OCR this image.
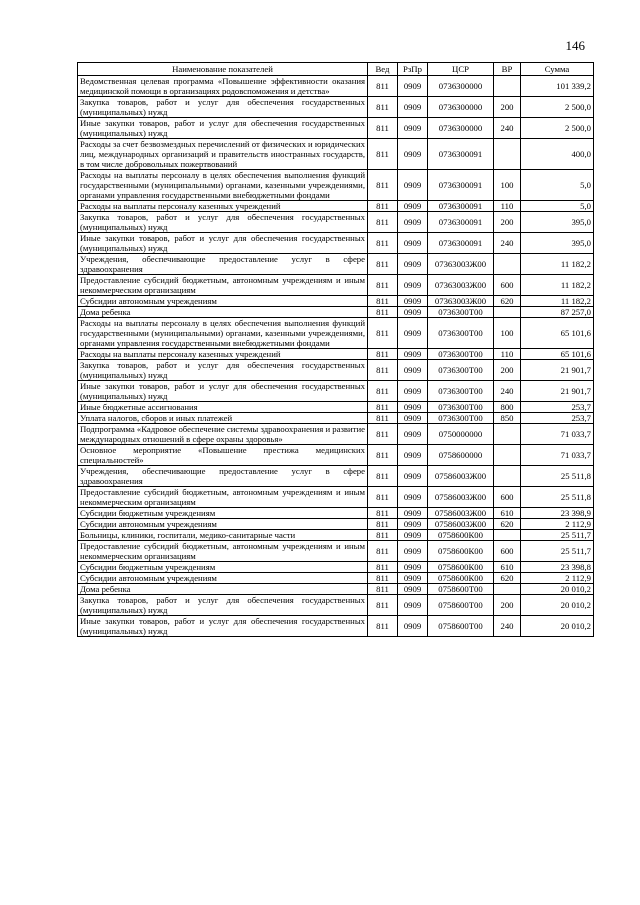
146
Наименование показателей	Вед	РзПр	ЦСР	ВР	Сумма
Ведомственная целевая программа «Повышение эффективности оказания медицинской помощи в организациях родовспоможения и детства»	811	0909	0736300000		101 339,2
Закупка товаров, работ и услуг для обеспечения государственных (муниципальных) нужд	811	0909	0736300000	200	2 500,0
Иные закупки товаров, работ и услуг для обеспечения государственных (муниципальных) нужд	811	0909	0736300000	240	2 500,0
Расходы за счет безвозмездных перечислений от физических и юридических лиц, международных организаций и правительств иностранных государств, в том числе добровольных пожертвований	811	0909	0736300091		400,0
Расходы на выплаты персоналу в целях обеспечения выполнения функций государственными (муниципальными) органами, казенными учреждениями, органами управления государственными внебюджетными фондами	811	0909	0736300091	100	5,0
Расходы на выплаты персоналу казенных учреждений	811	0909	0736300091	110	5,0
Закупка товаров, работ и услуг для обеспечения государственных (муниципальных) нужд	811	0909	0736300091	200	395,0
Иные закупки товаров, работ и услуг для обеспечения государственных (муниципальных) нужд	811	0909	0736300091	240	395,0
Учреждения, обеспечивающие предоставление услуг в сфере здравоохранения	811	0909	07363003Ж00		11 182,2
Предоставление субсидий бюджетным, автономным учреждениям и иным некоммерческим организациям	811	0909	07363003Ж00	600	11 182,2
Субсидии автономным учреждениям	811	0909	07363003Ж00	620	11 182,2
Дома ребенка	811	0909	0736300Т00		87 257,0
Расходы на выплаты персоналу в целях обеспечения выполнения функций государственными (муниципальными) органами, казенными учреждениями, органами управления государственными внебюджетными фондами	811	0909	0736300Т00	100	65 101,6
Расходы на выплаты персоналу казенных учреждений	811	0909	0736300Т00	110	65 101,6
Закупка товаров, работ и услуг для обеспечения государственных (муниципальных) нужд	811	0909	0736300Т00	200	21 901,7
Иные закупки товаров, работ и услуг для обеспечения государственных (муниципальных) нужд	811	0909	0736300Т00	240	21 901,7
Иные бюджетные ассигнования	811	0909	0736300Т00	800	253,7
Уплата налогов, сборов и иных платежей	811	0909	0736300Т00	850	253,7
Подпрограмма «Кадровое обеспечение системы здравоохранения и развитие международных отношений в сфере охраны здоровья»	811	0909	0750000000		71 033,7
Основное мероприятие «Повышение престижа медицинских специальностей»	811	0909	0758600000		71 033,7
Учреждения, обеспечивающие предоставление услуг в сфере здравоохранения	811	0909	07586003Ж00		25 511,8
Предоставление субсидий бюджетным, автономным учреждениям и иным некоммерческим организациям	811	0909	07586003Ж00	600	25 511,8
Субсидии бюджетным учреждениям	811	0909	07586003Ж00	610	23 398,9
Субсидии автономным учреждениям	811	0909	07586003Ж00	620	2 112,9
Больницы, клиники, госпитали, медико-санитарные части	811	0909	0758600К00		25 511,7
Предоставление субсидий бюджетным, автономным учреждениям и иным некоммерческим организациям	811	0909	0758600К00	600	25 511,7
Субсидии бюджетным учреждениям	811	0909	0758600К00	610	23 398,8
Субсидии автономным учреждениям	811	0909	0758600К00	620	2 112,9
Дома ребенка	811	0909	0758600Т00		20 010,2
Закупка товаров, работ и услуг для обеспечения государственных (муниципальных) нужд	811	0909	0758600Т00	200	20 010,2
Иные закупки товаров, работ и услуг для обеспечения государственных (муниципальных) нужд	811	0909	0758600Т00	240	20 010,2
